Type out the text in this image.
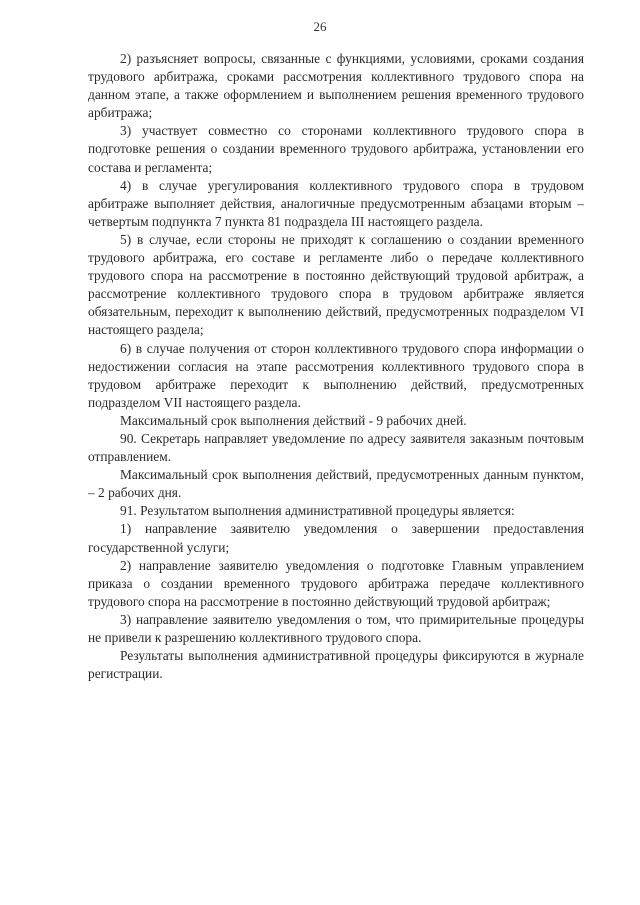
26

2) разъясняет вопросы, связанные с функциями, условиями, сроками создания трудового арбитража, сроками рассмотрения коллективного трудового спора на данном этапе, а также оформлением и выполнением решения временного трудового арбитража;

3) участвует совместно со сторонами коллективного трудового спора в подготовке решения о создании временного трудового арбитража, установлении его состава и регламента;

4) в случае урегулирования коллективного трудового спора в трудовом арбитраже выполняет действия, аналогичные предусмотренным абзацами вторым – четвертым подпункта 7 пункта 81 подраздела III настоящего раздела.

5) в случае, если стороны не приходят к соглашению о создании временного трудового арбитража, его составе и регламенте либо о передаче коллективного трудового спора на рассмотрение в постоянно действующий трудовой арбитраж, а рассмотрение коллективного трудового спора в трудовом арбитраже является обязательным, переходит к выполнению действий, предусмотренных подразделом VI настоящего раздела;

6) в случае получения от сторон коллективного трудового спора информации о недостижении согласия на этапе рассмотрения коллективного трудового спора в трудовом арбитраже переходит к выполнению действий, предусмотренных подразделом VII настоящего раздела.

Максимальный срок выполнения действий - 9 рабочих дней.

90. Секретарь направляет уведомление по адресу заявителя заказным почтовым отправлением.

Максимальный срок выполнения действий, предусмотренных данным пунктом, – 2 рабочих дня.

91. Результатом выполнения административной процедуры является:

1) направление заявителю уведомления о завершении предоставления государственной услуги;

2) направление заявителю уведомления о подготовке Главным управлением приказа о создании временного трудового арбитража передаче коллективного трудового спора на рассмотрение в постоянно действующий трудовой арбитраж;

3) направление заявителю уведомления о том, что примирительные процедуры не привели к разрешению коллективного трудового спора.

Результаты выполнения административной процедуры фиксируются в журнале регистрации.
